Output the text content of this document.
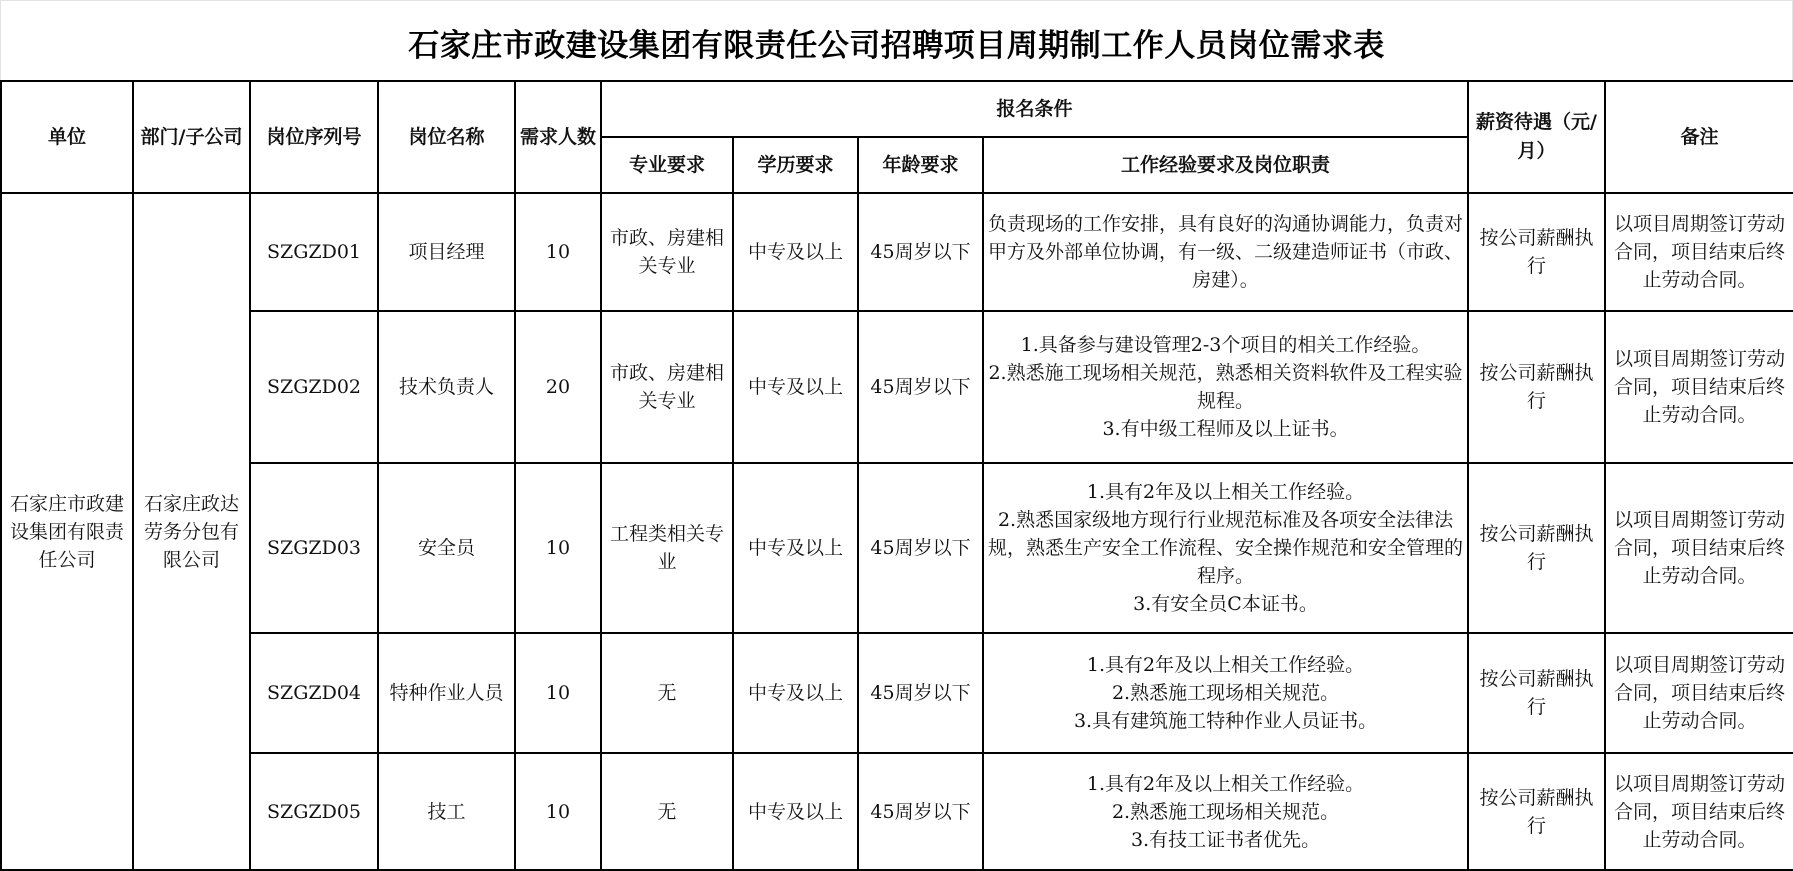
石家庄市政建设集团有限责任公司招聘项目周期制工作人员岗位需求表
单位	部门/子公司	岗位序列号	岗位名称	需求人数	报名条件				薪资待遇（元/月）	备注
					专业要求	学历要求	年龄要求	工作经验要求及岗位职责		
石家庄市政建设集团有限责任公司	石家庄政达劳务分包有限公司	SZGZD01	项目经理	10	市政、房建相关专业	中专及以上	45周岁以下	负责现场的工作安排，具有良好的沟通协调能力，负责对甲方及外部单位协调，有一级、二级建造师证书（市政、房建）。	按公司薪酬执行	以项目周期签订劳动合同，项目结束后终止劳动合同。
		SZGZD02	技术负责人	20	市政、房建相关专业	中专及以上	45周岁以下	1.具备参与建设管理2-3个项目的相关工作经验。
2.熟悉施工现场相关规范，熟悉相关资料软件及工程实验规程。
3.有中级工程师及以上证书。	按公司薪酬执行	以项目周期签订劳动合同，项目结束后终止劳动合同。
		SZGZD03	安全员	10	工程类相关专业	中专及以上	45周岁以下	1.具有2年及以上相关工作经验。
2.熟悉国家级地方现行行业规范标准及各项安全法律法规，熟悉生产安全工作流程、安全操作规范和安全管理的程序。
3.有安全员C本证书。	按公司薪酬执行	以项目周期签订劳动合同，项目结束后终止劳动合同。
		SZGZD04	特种作业人员	10	无	中专及以上	45周岁以下	1.具有2年及以上相关工作经验。
2.熟悉施工现场相关规范。
3.具有建筑施工特种作业人员证书。	按公司薪酬执行	以项目周期签订劳动合同，项目结束后终止劳动合同。
		SZGZD05	技工	10	无	中专及以上	45周岁以下	1.具有2年及以上相关工作经验。
2.熟悉施工现场相关规范。
3.有技工证书者优先。	按公司薪酬执行	以项目周期签订劳动合同，项目结束后终止劳动合同。
